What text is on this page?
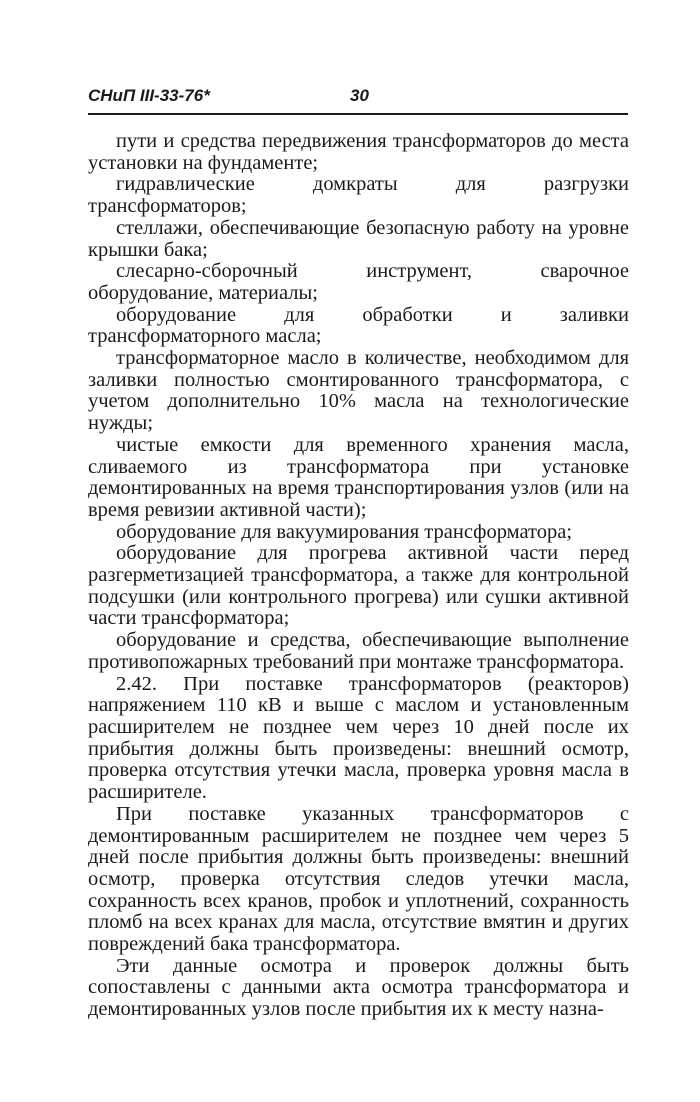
СНиП III-33-76*	30

пути и средства передвижения трансформаторов до места установки на фундаменте;

гидравлические домкраты для разгрузки трансформаторов;

стеллажи, обеспечивающие безопасную работу на уровне крышки бака;

слесарно-сборочный инструмент, сварочное оборудование, материалы;

оборудование для обработки и заливки трансформаторного масла;

трансформаторное масло в количестве, необходимом для заливки полностью смонтированного трансформатора, с учетом дополнительно 10% масла на технологические нужды;

чистые емкости для временного хранения масла, сливаемого из трансформатора при установке демонтированных на время транспортирования узлов (или на время ревизии активной части);

оборудование для вакуумирования трансформатора;

оборудование для прогрева активной части перед разгерметизацией трансформатора, а также для контрольной подсушки (или контрольного прогрева) или сушки активной части трансформатора;

оборудование и средства, обеспечивающие выполнение противопожарных требований при монтаже трансформатора.

2.42. При поставке трансформаторов (реакторов) напряжением 110 кВ и выше с маслом и установленным расширителем не позднее чем через 10 дней после их прибытия должны быть произведены: внешний осмотр, проверка отсутствия утечки масла, проверка уровня масла в расширителе.

При поставке указанных трансформаторов с демонтированным расширителем не позднее чем через 5 дней после прибытия должны быть произведены: внешний осмотр, проверка отсутствия следов утечки масла, сохранность всех кранов, пробок и уплотнений, сохранность пломб на всех кранах для масла, отсутствие вмятин и других повреждений бака трансформатора.

Эти данные осмотра и проверок должны быть сопоставлены с данными акта осмотра трансформатора и демонтированных узлов после прибытия их к месту назна-
